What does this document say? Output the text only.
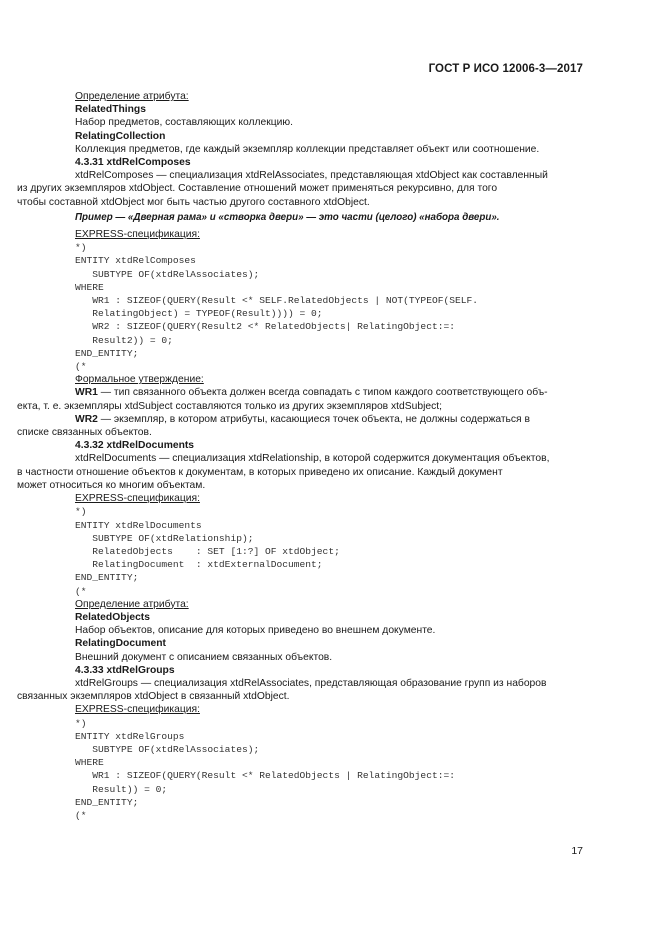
ГОСТ Р ИСО 12006-3—2017
Определение атрибута:
RelatedThings
Набор предметов, составляющих коллекцию.
RelatingCollection
Коллекция предметов, где каждый экземпляр коллекции представляет объект или соотношение.
4.3.31 xtdRelComposes
xtdRelComposes — специализация xtdRelAssociates, представляющая xtdObject как составленный
из других экземпляров xtdObject. Составление отношений может применяться рекурсивно, для того
чтобы составной xtdObject мог быть частью другого составного xtdObject.
Пример — «Дверная рама» и «створка двери» — это части (целого) «набора двери».
EXPRESS-спецификация:
*)
ENTITY xtdRelComposes
SUBTYPE OF(xtdRelAssociates);
WHERE
WR1 : SIZEOF(QUERY(Result <* SELF.RelatedObjects | NOT(TYPEOF(SELF.
RelatingObject) = TYPEOF(Result)))) = 0;
WR2 : SIZEOF(QUERY(Result2 <* RelatedObjects| RelatingObject:=:
Result2)) = 0;
END_ENTITY;
(*
Формальное утверждение:
WR1 — тип связанного объекта должен всегда совпадать с типом каждого соответствующего объ-
екта, т. е. экземпляры xtdSubject составляются только из других экземпляров xtdSubject;
WR2 — экземпляр, в котором атрибуты, касающиеся точек объекта, не должны содержаться в
списке связанных объектов.
4.3.32 xtdRelDocuments
xtdRelDocuments — специализация xtdRelationship, в которой содержится документация объектов,
в частности отношение объектов к документам, в которых приведено их описание. Каждый документ
может относиться ко многим объектам.
EXPRESS-спецификация:
*)
ENTITY xtdRelDocuments
SUBTYPE OF(xtdRelationship);
RelatedObjects    : SET [1:?] OF xtdObject;
RelatingDocument  : xtdExternalDocument;
END_ENTITY;
(*
Определение атрибута:
RelatedObjects
Набор объектов, описание для которых приведено во внешнем документе.
RelatingDocument
Внешний документ с описанием связанных объектов.
4.3.33 xtdRelGroups
xtdRelGroups — специализация xtdRelAssociates, представляющая образование групп из наборов
связанных экземпляров xtdObject в связанный xtdObject.
EXPRESS-спецификация:
*)
ENTITY xtdRelGroups
SUBTYPE OF(xtdRelAssociates);
WHERE
WR1 : SIZEOF(QUERY(Result <* RelatedObjects | RelatingObject:=:
Result)) = 0;
END_ENTITY;
(*
17
